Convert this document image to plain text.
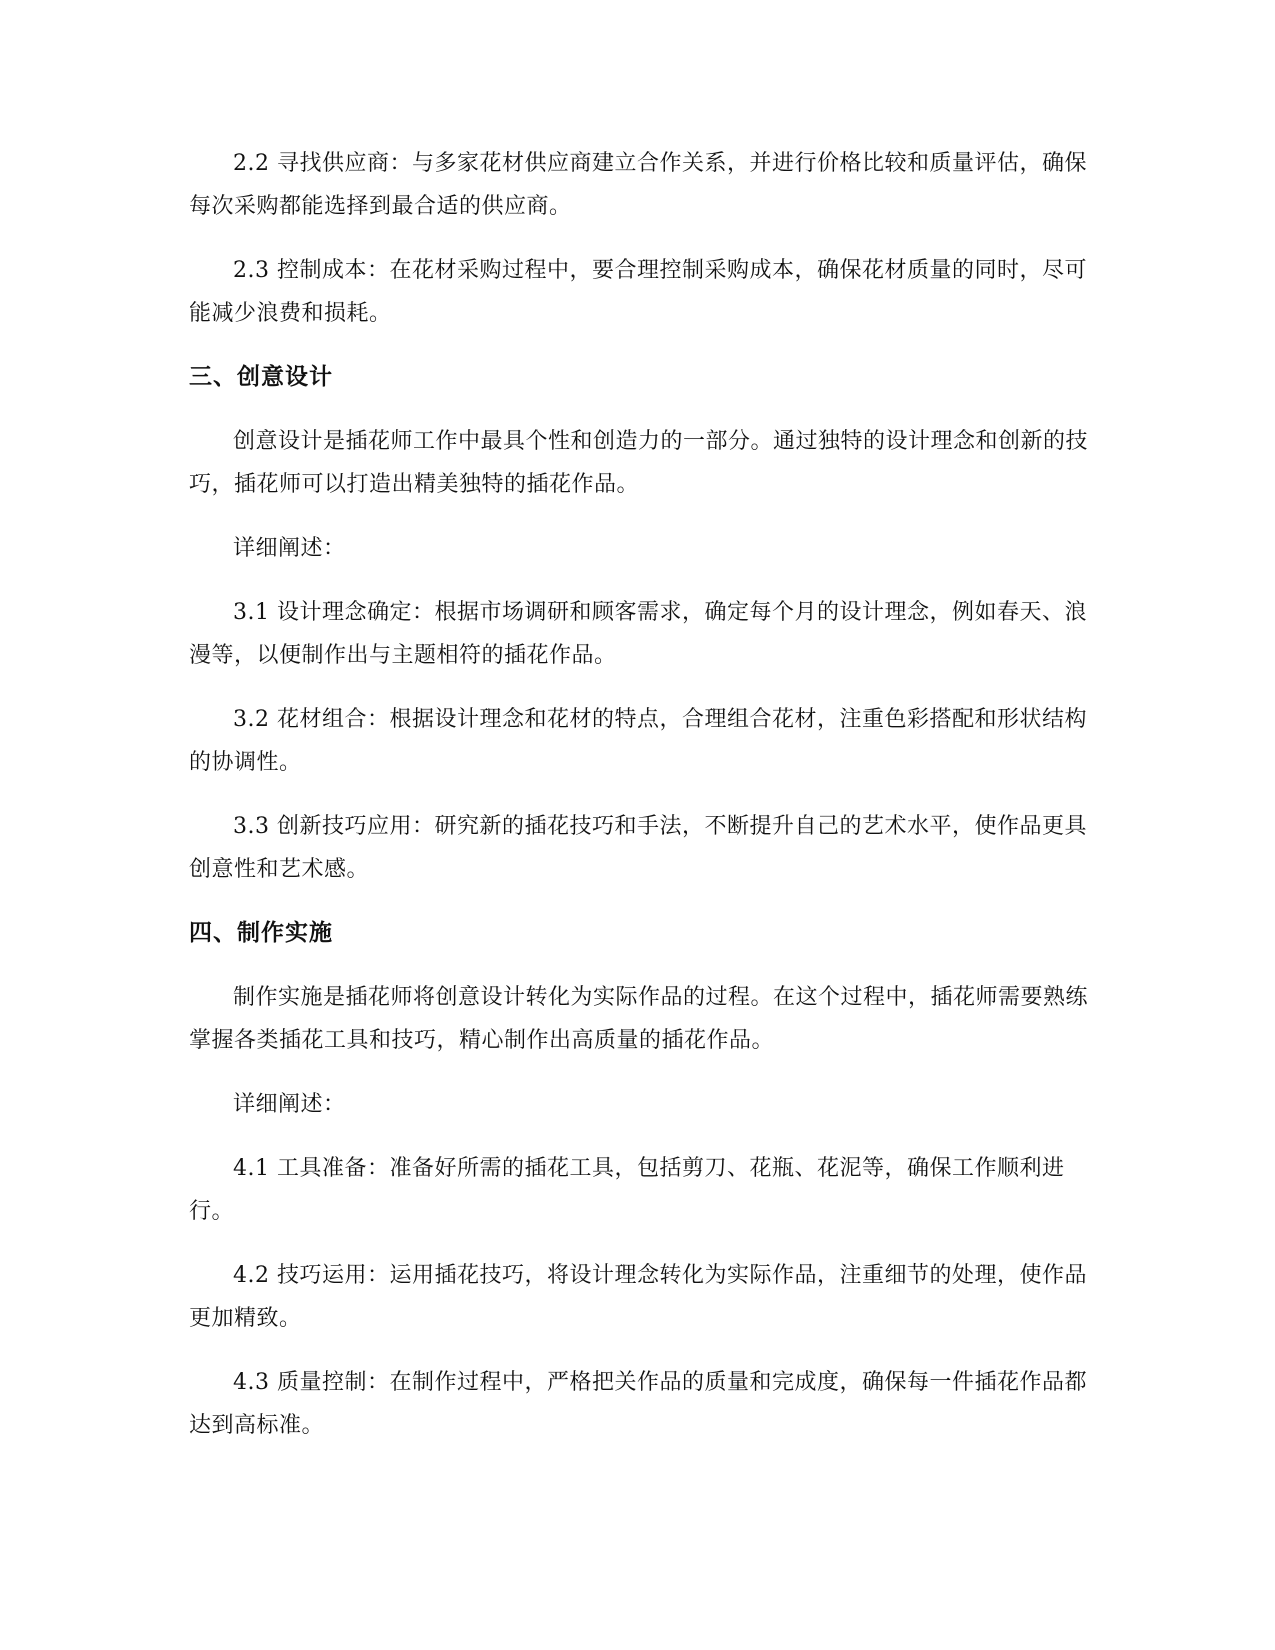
2.2 寻找供应商：与多家花材供应商建立合作关系，并进行价格比较和质量评估，确保每次采购都能选择到最合适的供应商。

2.3 控制成本：在花材采购过程中，要合理控制采购成本，确保花材质量的同时，尽可能减少浪费和损耗。

三、创意设计

创意设计是插花师工作中最具个性和创造力的一部分。通过独特的设计理念和创新的技巧，插花师可以打造出精美独特的插花作品。

详细阐述：

3.1 设计理念确定：根据市场调研和顾客需求，确定每个月的设计理念，例如春天、浪漫等，以便制作出与主题相符的插花作品。

3.2 花材组合：根据设计理念和花材的特点，合理组合花材，注重色彩搭配和形状结构的协调性。

3.3 创新技巧应用：研究新的插花技巧和手法，不断提升自己的艺术水平，使作品更具创意性和艺术感。

四、制作实施

制作实施是插花师将创意设计转化为实际作品的过程。在这个过程中，插花师需要熟练掌握各类插花工具和技巧，精心制作出高质量的插花作品。

详细阐述：

4.1 工具准备：准备好所需的插花工具，包括剪刀、花瓶、花泥等，确保工作顺利进行。

4.2 技巧运用：运用插花技巧，将设计理念转化为实际作品，注重细节的处理，使作品更加精致。

4.3 质量控制：在制作过程中，严格把关作品的质量和完成度，确保每一件插花作品都达到高标准。
